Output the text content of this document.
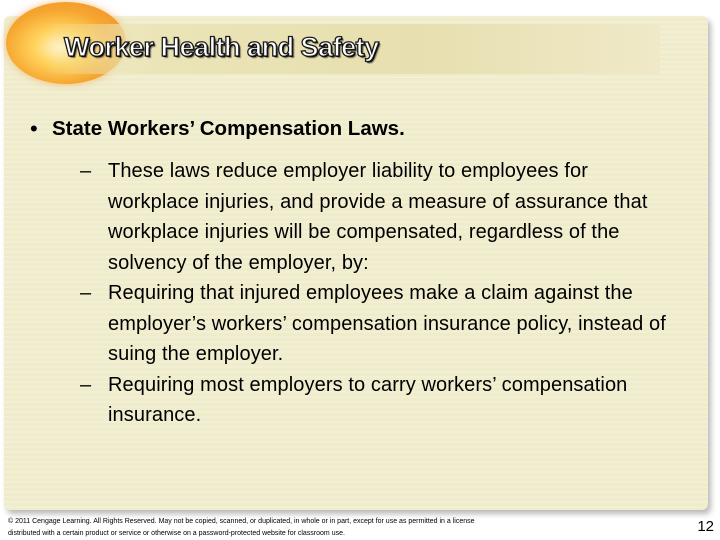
Worker Health and Safety
• State Workers’ Compensation Laws.
– These laws reduce employer liability to employees for workplace injuries, and provide a measure of assurance that workplace injuries will be compensated, regardless of the solvency of the employer, by:
– Requiring that injured employees make a claim against the employer’s workers’ compensation insurance policy, instead of suing the employer.
– Requiring most employers to carry workers’ compensation insurance.

© 2011 Cengage Learning. All Rights Reserved. May not be copied, scanned, or duplicated, in whole or in part, except for use as permitted in a license distributed with a certain product or service or otherwise on a password-protected website for classroom use.	12
